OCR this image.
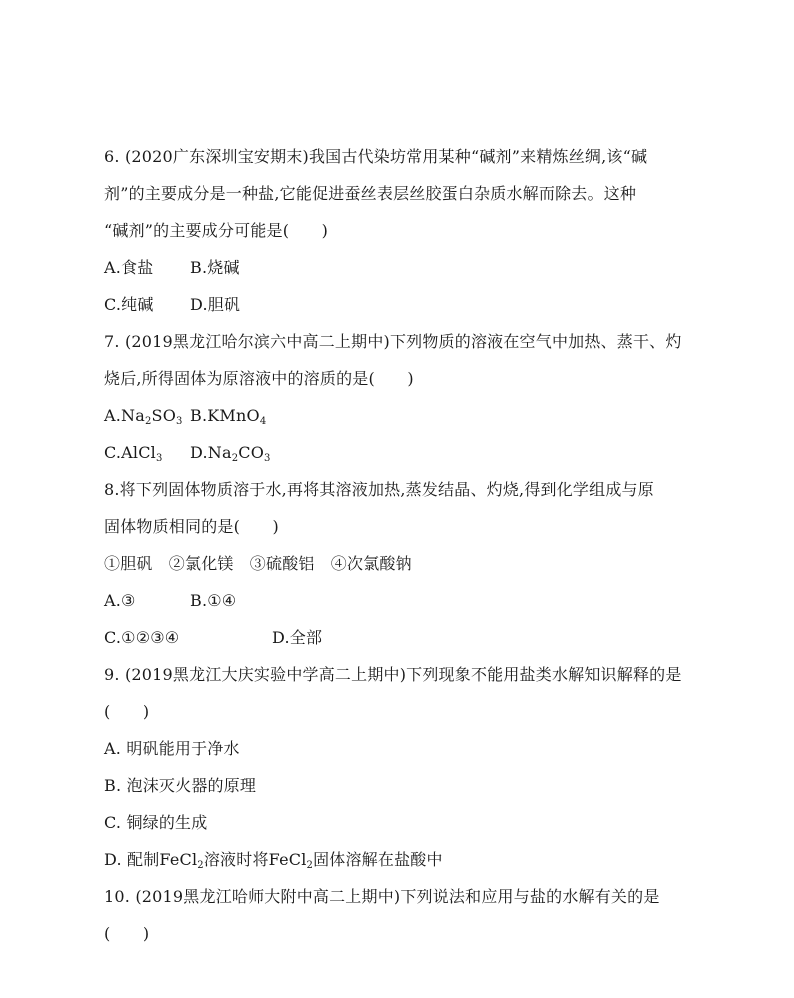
6. (2020广东深圳宝安期末)我国古代染坊常用某种“碱剂”来精炼丝绸,该“碱
剂”的主要成分是一种盐,它能促进蚕丝表层丝胶蛋白杂质水解而除去。这种
“碱剂”的主要成分可能是(　　)
A.食盐 B.烧碱
C.纯碱 D.胆矾
7. (2019黑龙江哈尔滨六中高二上期中)下列物质的溶液在空气中加热、蒸干、灼
烧后,所得固体为原溶液中的溶质的是(　　)
$A.Na_2SO_3$ B.KMnO$_4$
C.AlCl$_3$ $D.Na_2CO_3$
8.将下列固体物质溶于水,再将其溶液加热,蒸发结晶、灼烧,得到化学组成与原
固体物质相同的是(　　)
①胆矾　②氯化镁　③硫酸铝　④次氯酸钠
A.③	B.①④
C.①②③④	D.全部
9. (2019黑龙江大庆实验中学高二上期中)下列现象不能用盐类水解知识解释的是
(　　)
A. 明矾能用于净水
B. 泡沫灭火器的原理
C. 铜绿的生成
D. 配制FeCl$_2$溶液时将FeCl$_2$固体溶解在盐酸中
10. (2019黑龙江哈师大附中高二上期中)下列说法和应用与盐的水解有关的是
(　　)
